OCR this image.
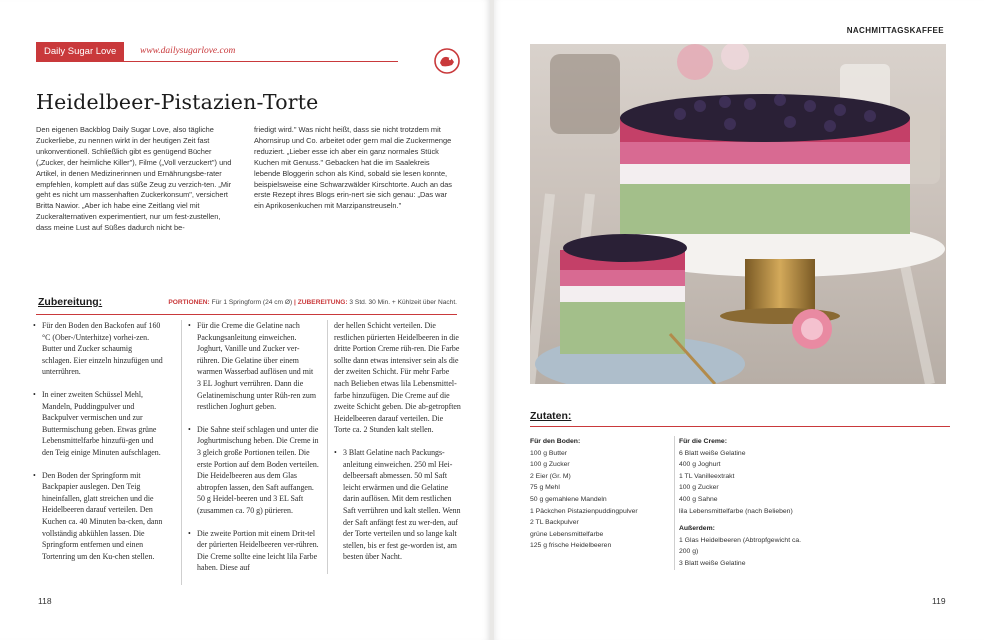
Daily Sugar Love	www.dailysugarlove.com
Heidelbeer-Pistazien-Torte

Den eigenen Backblog Daily Sugar Love, also tägliche Zuckerliebe, zu nennen wirkt in der heutigen Zeit fast unkonventionell. Schließlich gibt es genügend Bücher („Zucker, der heimliche Killer"), Filme („Voll verzuckert") und Artikel, in denen Medizinerinnen und Ernährungsbe-rater empfehlen, komplett auf das süße Zeug zu verzich-ten. „Mir geht es nicht um massenhaften Zuckerkonsum", versichert Britta Nawior. „Aber ich habe eine Zeitlang viel mit Zuckeralternativen experimentiert, nur um fest-zustellen, dass meine Lust auf Süßes dadurch nicht be-

friedigt wird." Was nicht heißt, dass sie nicht trotzdem mit Ahornsirup und Co. arbeitet oder gern mal die Zuckermenge reduziert. „Lieber esse ich aber ein ganz normales Stück Kuchen mit Genuss." Gebacken hat die im Saalekreis lebende Bloggerin schon als Kind, sobald sie lesen konnte, beispielsweise eine Schwarzwälder Kirschtorte. Auch an das erste Rezept ihres Blogs erin-nert sie sich genau: „Das war ein Aprikosenkuchen mit Marzipanstreuseln."

Zubereitung:	PORTIONEN: Für 1 Springform (24 cm Ø) | ZUBEREITUNG: 3 Std. 30 Min. + Kühlzeit über Nacht.
• Für den Boden den Backofen auf 160 °C (Ober-/Unterhitze) vorhei-zen. Butter und Zucker schaumig schlagen. Eier einzeln hinzufügen und unterrühren.
• In einer zweiten Schüssel Mehl, Mandeln, Puddingpulver und Backpulver vermischen und zur Buttermischung geben. Etwas grüne Lebensmittelfarbe hinzufü-gen und den Teig einige Minuten aufschlagen.
• Den Boden der Springform mit Backpapier auslegen. Den Teig hineinfallen, glatt streichen und die Heidelbeeren darauf verteilen. Den Kuchen ca. 40 Minuten ba-cken, dann vollständig abkühlen lassen. Die Springform entfernen und einen Tortenring um den Ku-chen stellen.
• Für die Creme die Gelatine nach Packungsanleitung einweichen. Joghurt, Vanille und Zucker ver-rühren. Die Gelatine über einem warmen Wasserbad auflösen und mit 3 EL Joghurt verrühren. Dann die Gelatinemischung unter Rüh-ren zum restlichen Joghurt geben.
• Die Sahne steif schlagen und unter die Joghurtmischung heben. Die Creme in 3 gleich große Portionen teilen. Die erste Portion auf dem Boden verteilen. Die Heidelbeeren aus dem Glas abtropfen lassen, den Saft auffangen. 50 g Heidel-beeren und 3 EL Saft (zusammen ca. 70 g) pürieren.
• Die zweite Portion mit einem Drit-tel der pürierten Heidelbeeren ver-rühren. Die Creme sollte eine leicht lila Farbe haben. Diese auf
der hellen Schicht verteilen. Die restlichen pürierten Heidelbeeren in die dritte Portion Creme rüh-ren. Die Farbe sollte dann etwas intensiver sein als die der zweiten Schicht. Für mehr Farbe nach Belieben etwas lila Lebensmittel-farbe hinzufügen. Die Creme auf die zweite Schicht geben. Die ab-getropften Heidelbeeren darauf verteilen. Die Torte ca. 2 Stunden kalt stellen.
• 3 Blatt Gelatine nach Packungs-anleitung einweichen. 250 ml Hei-delbeersaft abmessen. 50 ml Saft leicht erwärmen und die Gelatine darin auflösen. Mit dem restlichen Saft verrühren und kalt stellen. Wenn der Saft anfängt fest zu wer-den, auf der Torte verteilen und so lange kalt stellen, bis er fest ge-worden ist, am besten über Nacht.
118
NACHMITTAGSKAFFEE
Zutaten:
Für den Boden:
100 g Butter
100 g Zucker
2 Eier (Gr. M)
75 g Mehl
50 g gemahlene Mandeln
1 Päckchen Pistazienpuddingpulver
2 TL Backpulver
grüne Lebensmittelfarbe
125 g frische Heidelbeeren
Für die Creme:
6 Blatt weiße Gelatine
400 g Joghurt
1 TL Vanilleextrakt
100 g Zucker
400 g Sahne
lila Lebensmittelfarbe (nach Belieben)
Außerdem:
1 Glas Heidelbeeren (Abtropfgewicht ca. 200 g)
3 Blatt weiße Gelatine
119
